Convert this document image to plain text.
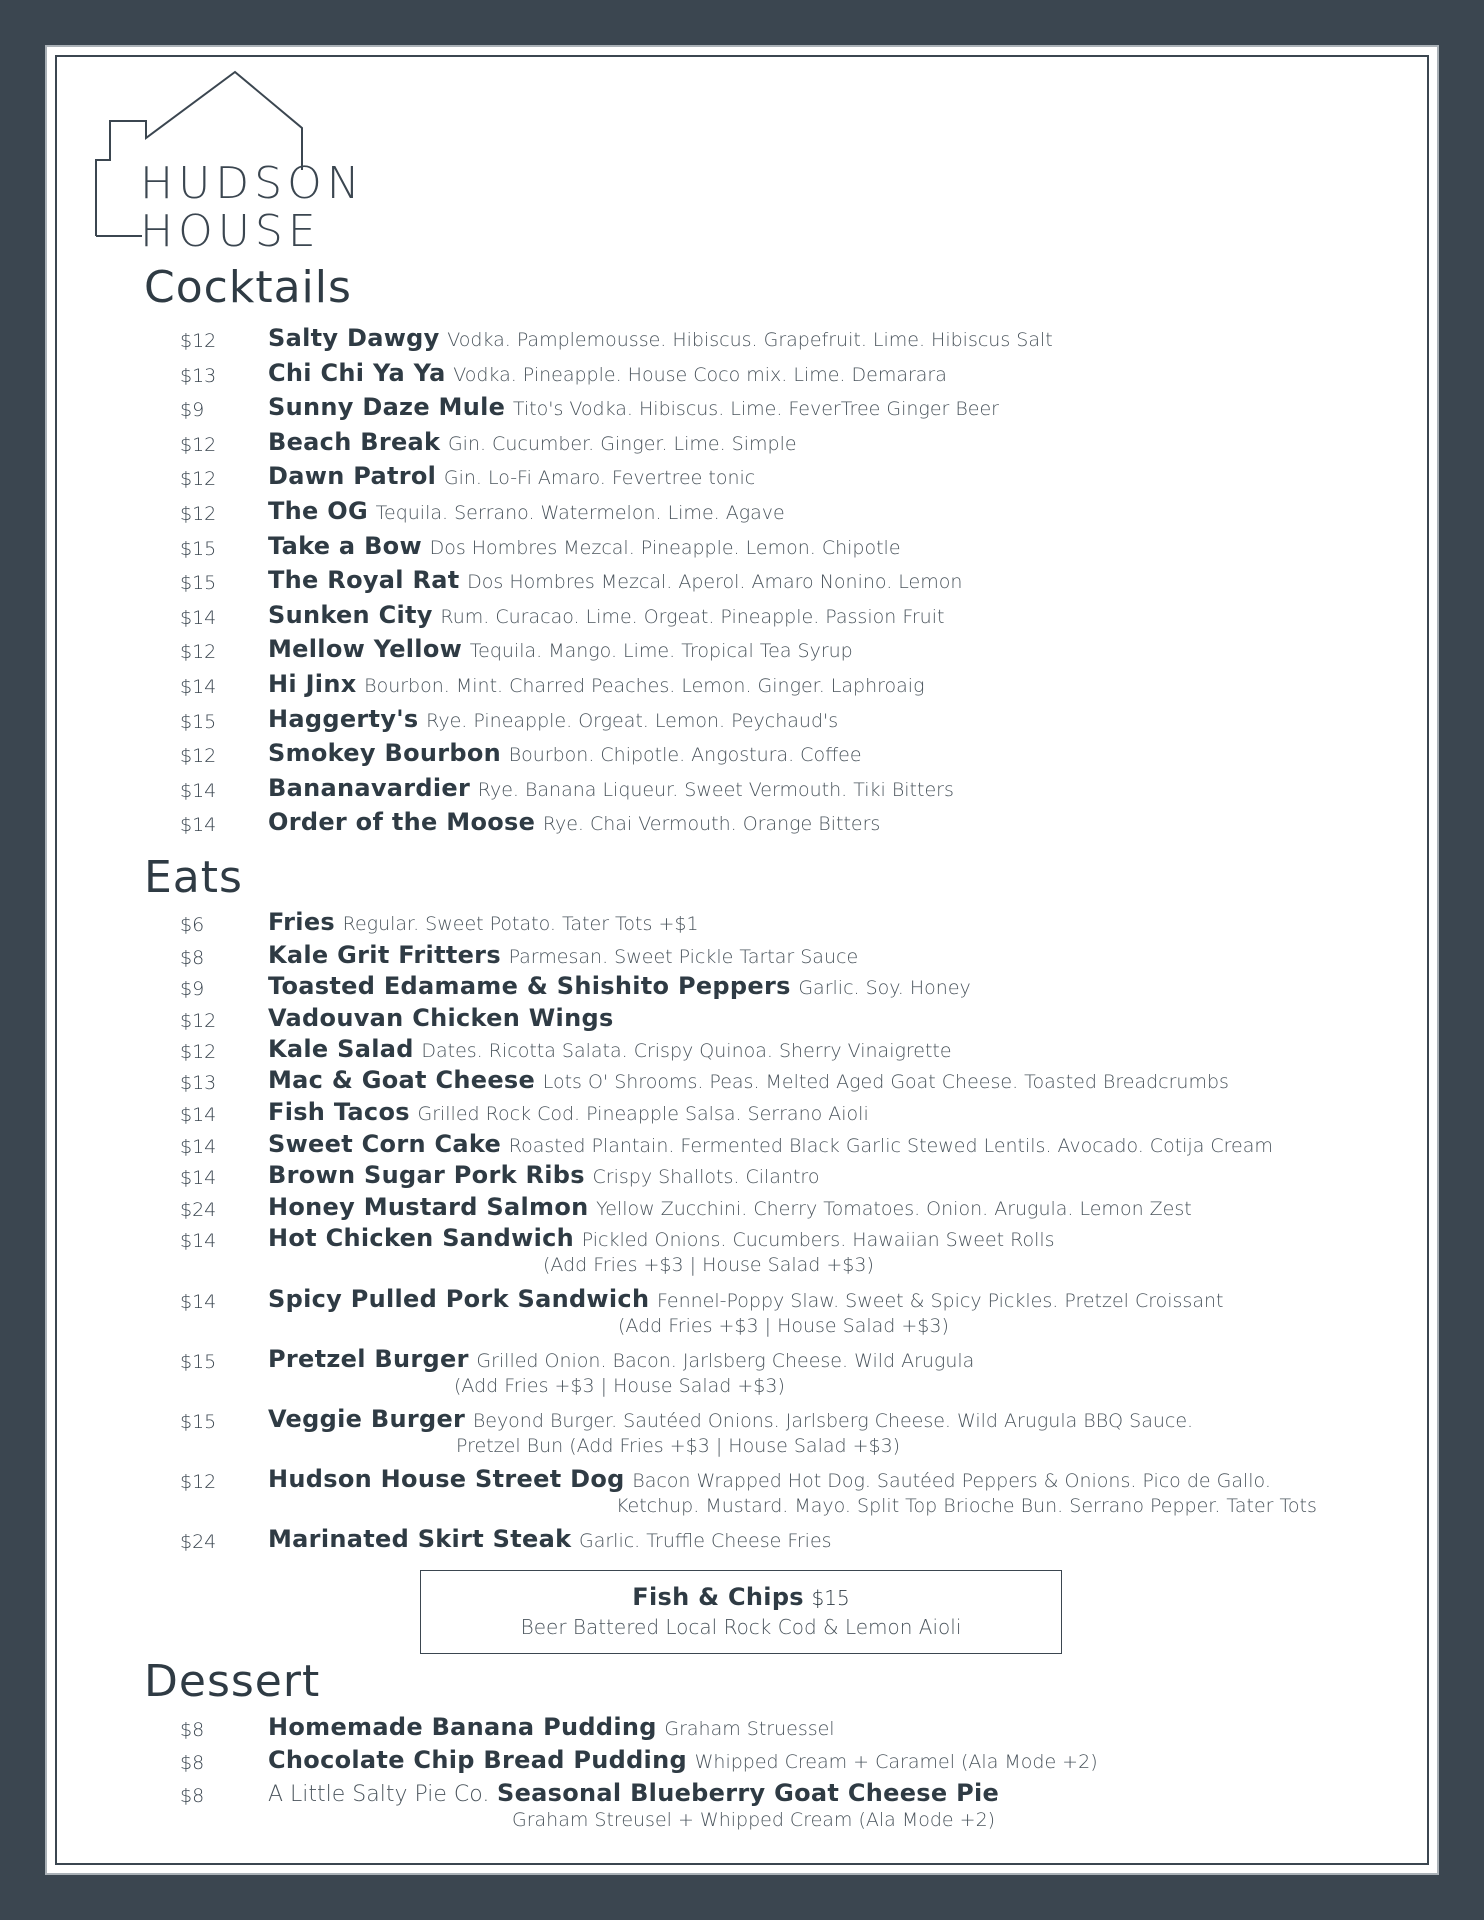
HUDSON
HOUSE
Cocktails
$12 Salty Dawgy Vodka. Pamplemousse. Hibiscus. Grapefruit. Lime. Hibiscus Salt
$13 Chi Chi Ya Ya Vodka. Pineapple. House Coco mix. Lime. Demarara
$9	Sunny Daze Mule Tito's Vodka. Hibiscus. Lime. FeverTree Ginger Beer
$12 Beach Break Gin. Cucumber. Ginger. Lime. Simple
$12 Dawn Patrol Gin. Lo-Fi Amaro. Fevertree tonic
$12 The OG Tequila. Serrano. Watermelon. Lime. Agave
$15 Take a Bow Dos Hombres Mezcal. Pineapple. Lemon. Chipotle
$15 The Royal Rat Dos Hombres Mezcal. Aperol. Amaro Nonino. Lemon
$14 Sunken City Rum. Curacao. Lime. Orgeat. Pineapple. Passion Fruit
$12 Mellow Yellow Tequila. Mango. Lime. Tropical Tea Syrup
$14 Hi Jinx Bourbon. Mint. Charred Peaches. Lemon. Ginger. Laphroaig
$15 Haggerty's Rye. Pineapple. Orgeat. Lemon. Peychaud's
$12 Smokey Bourbon Bourbon. Chipotle. Angostura. Coffee
$14 Bananavardier Rye. Banana Liqueur. Sweet Vermouth. Tiki Bitters
$14 Order of the Moose Rye. Chai Vermouth. Orange Bitters
Eats
$6	Fries Regular. Sweet Potato. Tater Tots +$1
$8	Kale Grit Fritters Parmesan. Sweet Pickle Tartar Sauce
$9	Toasted Edamame & Shishito Peppers Garlic. Soy. Honey
$12 Vadouvan Chicken Wings
$12 Kale Salad Dates. Ricotta Salata. Crispy Quinoa. Sherry Vinaigrette
$13 Mac & Goat Cheese Lots O' Shrooms. Peas. Melted Aged Goat Cheese. Toasted Breadcrumbs
$14 Fish Tacos Grilled Rock Cod. Pineapple Salsa. Serrano Aioli
$14 Sweet Corn Cake Roasted Plantain. Fermented Black Garlic Stewed Lentils. Avocado. Cotija Cream
$14 Brown Sugar Pork Ribs Crispy Shallots. Cilantro
$24 Honey Mustard Salmon Yellow Zucchini. Cherry Tomatoes. Onion. Arugula. Lemon Zest
$14 Hot Chicken Sandwich Pickled Onions. Cucumbers. Hawaiian Sweet Rolls
(Add Fries +$3 | House Salad +$3)
$14 Spicy Pulled Pork Sandwich Fennel-Poppy Slaw. Sweet & Spicy Pickles. Pretzel Croissant
(Add Fries +$3 | House Salad +$3)
$15 Pretzel Burger Grilled Onion. Bacon. Jarlsberg Cheese. Wild Arugula
(Add Fries +$3 | House Salad +$3)
$15 Veggie Burger Beyond Burger. Sautéed Onions. Jarlsberg Cheese. Wild Arugula BBQ Sauce.
Pretzel Bun (Add Fries +$3 | House Salad +$3)
$12 Hudson House Street Dog Bacon Wrapped Hot Dog. Sautéed Peppers & Onions. Pico de Gallo.
Ketchup. Mustard. Mayo. Split Top Brioche Bun. Serrano Pepper. Tater Tots
$24 Marinated Skirt Steak Garlic. Truffle Cheese Fries
Fish & Chips $15
Beer Battered Local Rock Cod & Lemon Aioli
Dessert
$8	Homemade Banana Pudding Graham Struessel
$8	Chocolate Chip Bread Pudding Whipped Cream + Caramel (Ala Mode +2)
$8	A Little Salty Pie Co. Seasonal Blueberry Goat Cheese Pie
Graham Streusel + Whipped Cream (Ala Mode +2)
